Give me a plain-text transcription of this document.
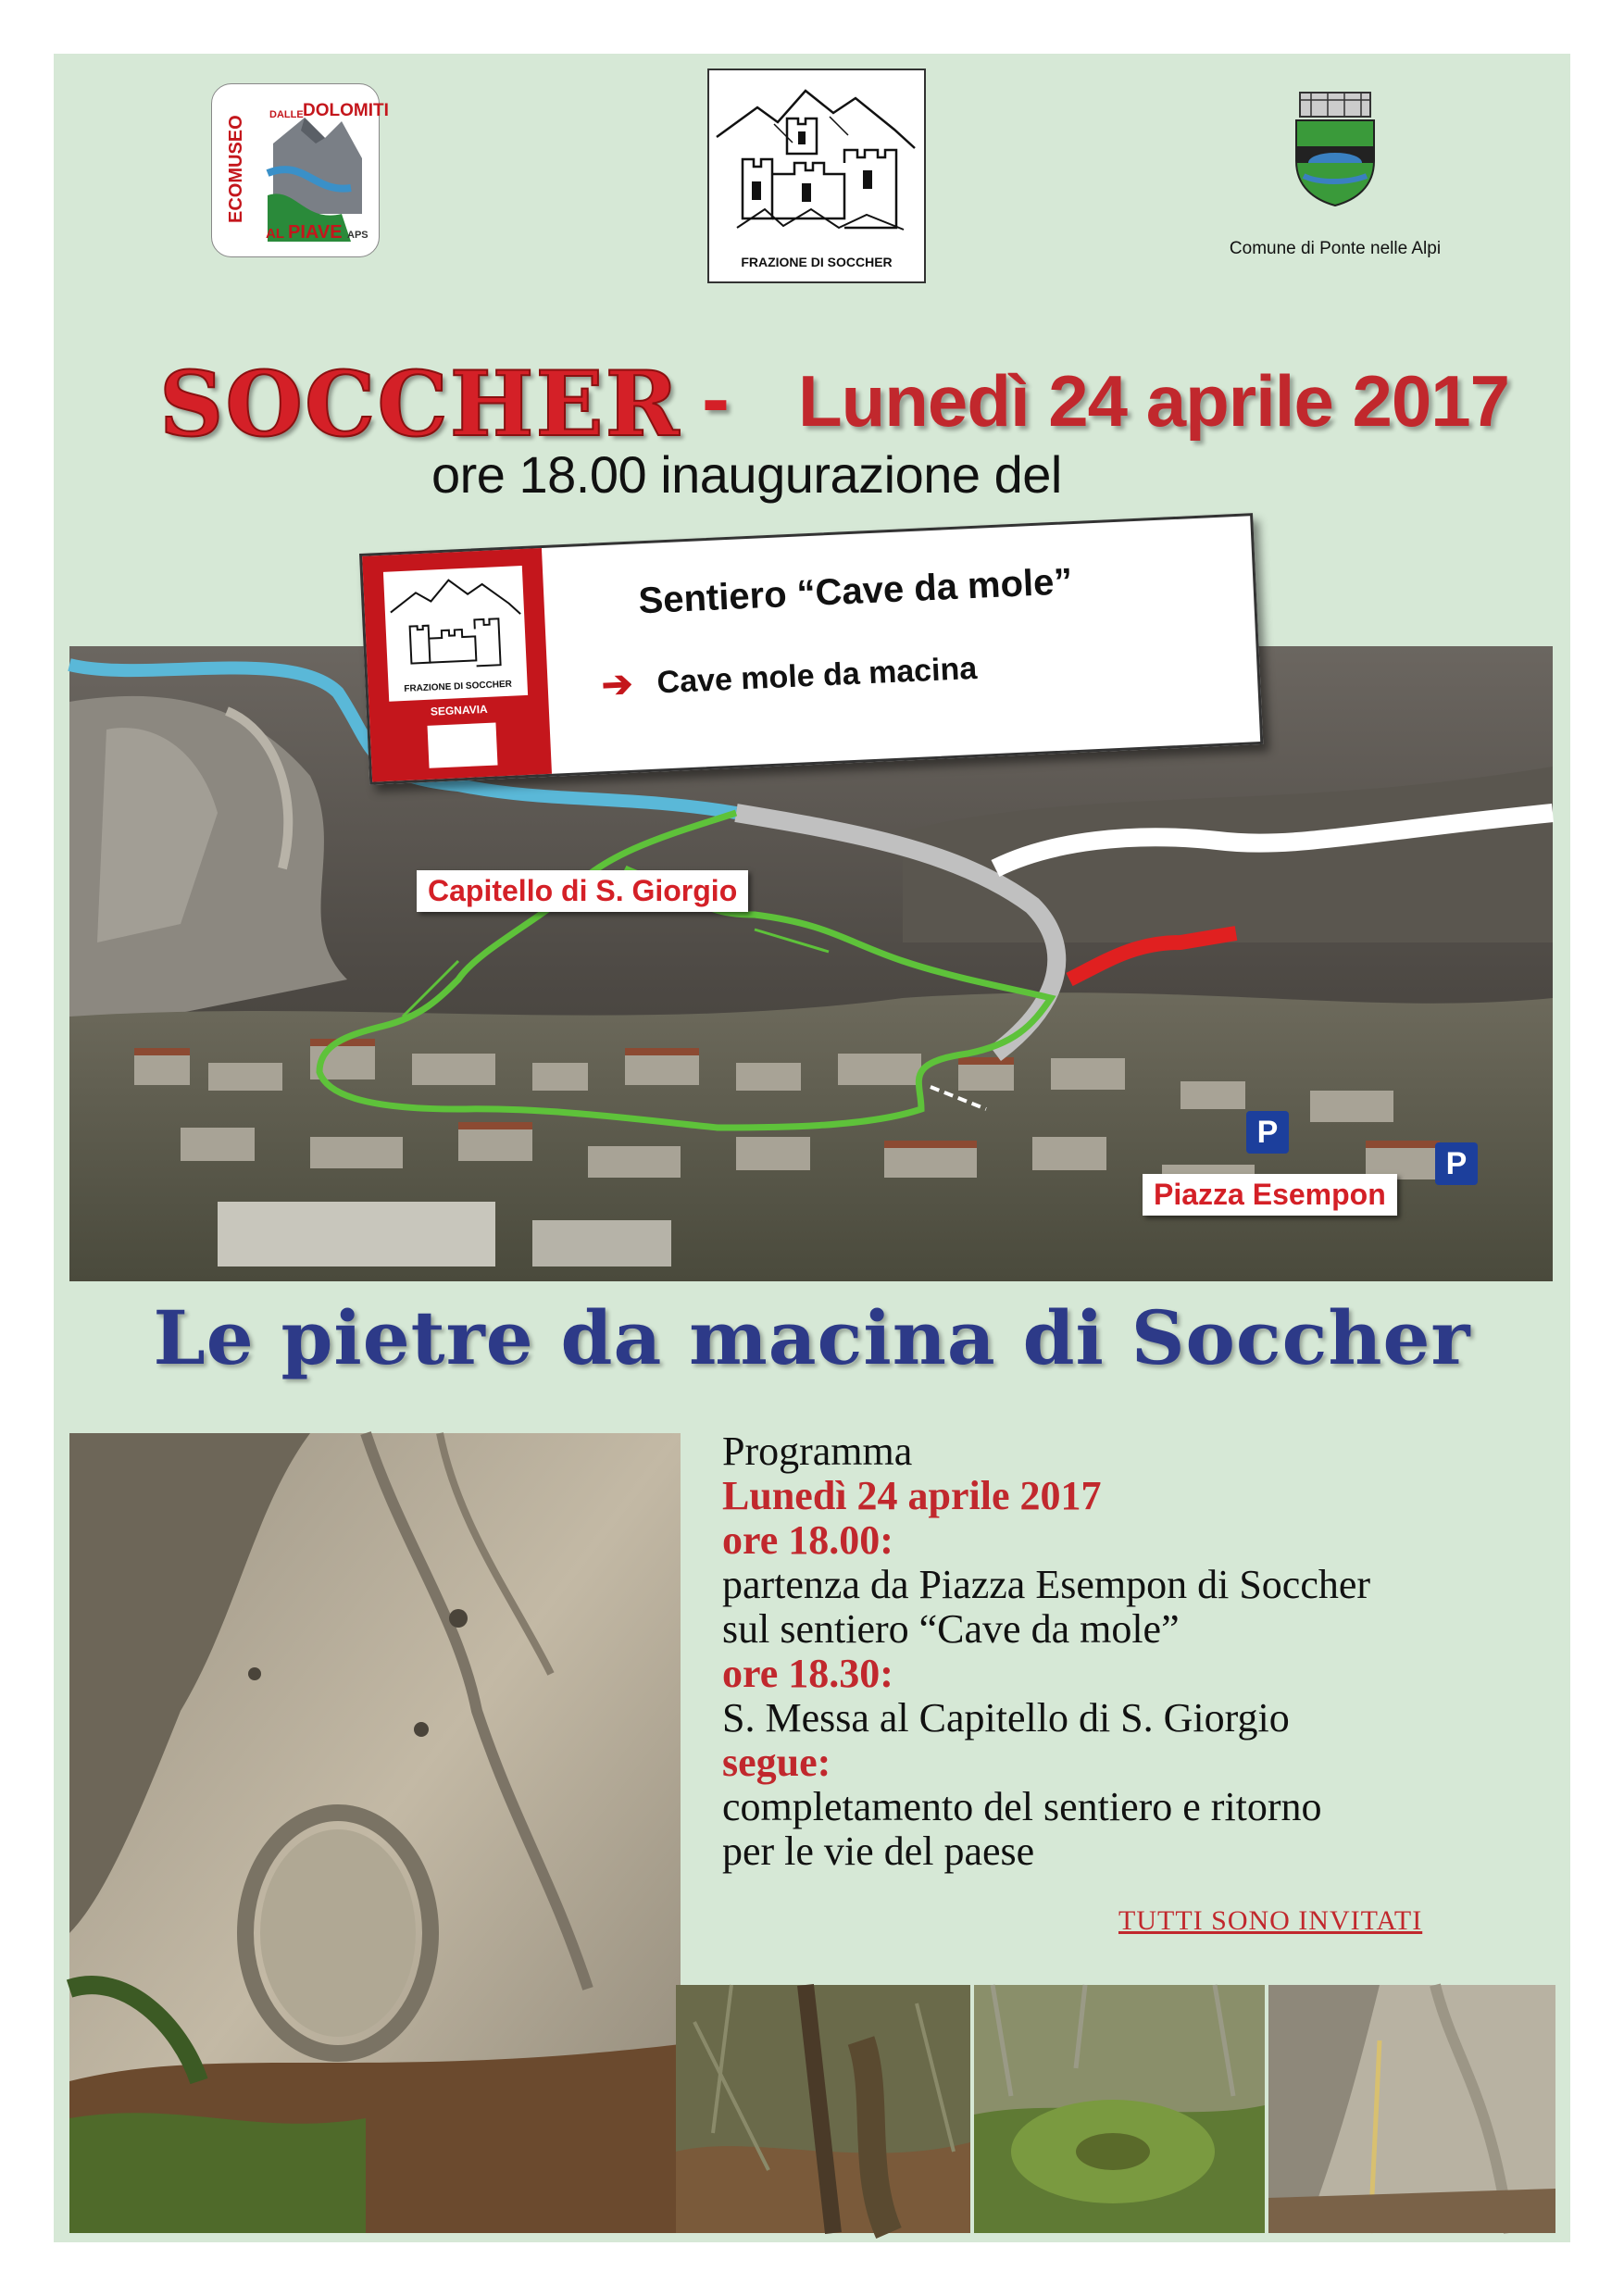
ECOMUSEO
DALLE DOLOMITI
AL PIAVE APS
FRAZIONE DI SOCCHER
Comune di Ponte nelle Alpi
SOCCHER - Lunedì 24 aprile 2017
ore 18.00 inaugurazione del
FRAZIONE DI SOCCHER
SEGNAVIA
Sentiero “Cave da mole”
➔ Cave mole da macina
Capitello di S. Giorgio
Piazza Esempon
P
P
Le pietre da macina di Soccher
Programma
Lunedì 24 aprile 2017
ore 18.00:
partenza da Piazza Esempon di Soccher
sul sentiero “Cave da mole”
ore 18.30:
S. Messa al Capitello di S. Giorgio
segue:
completamento del sentiero e ritorno
per le vie del paese
TUTTI SONO INVITATI
